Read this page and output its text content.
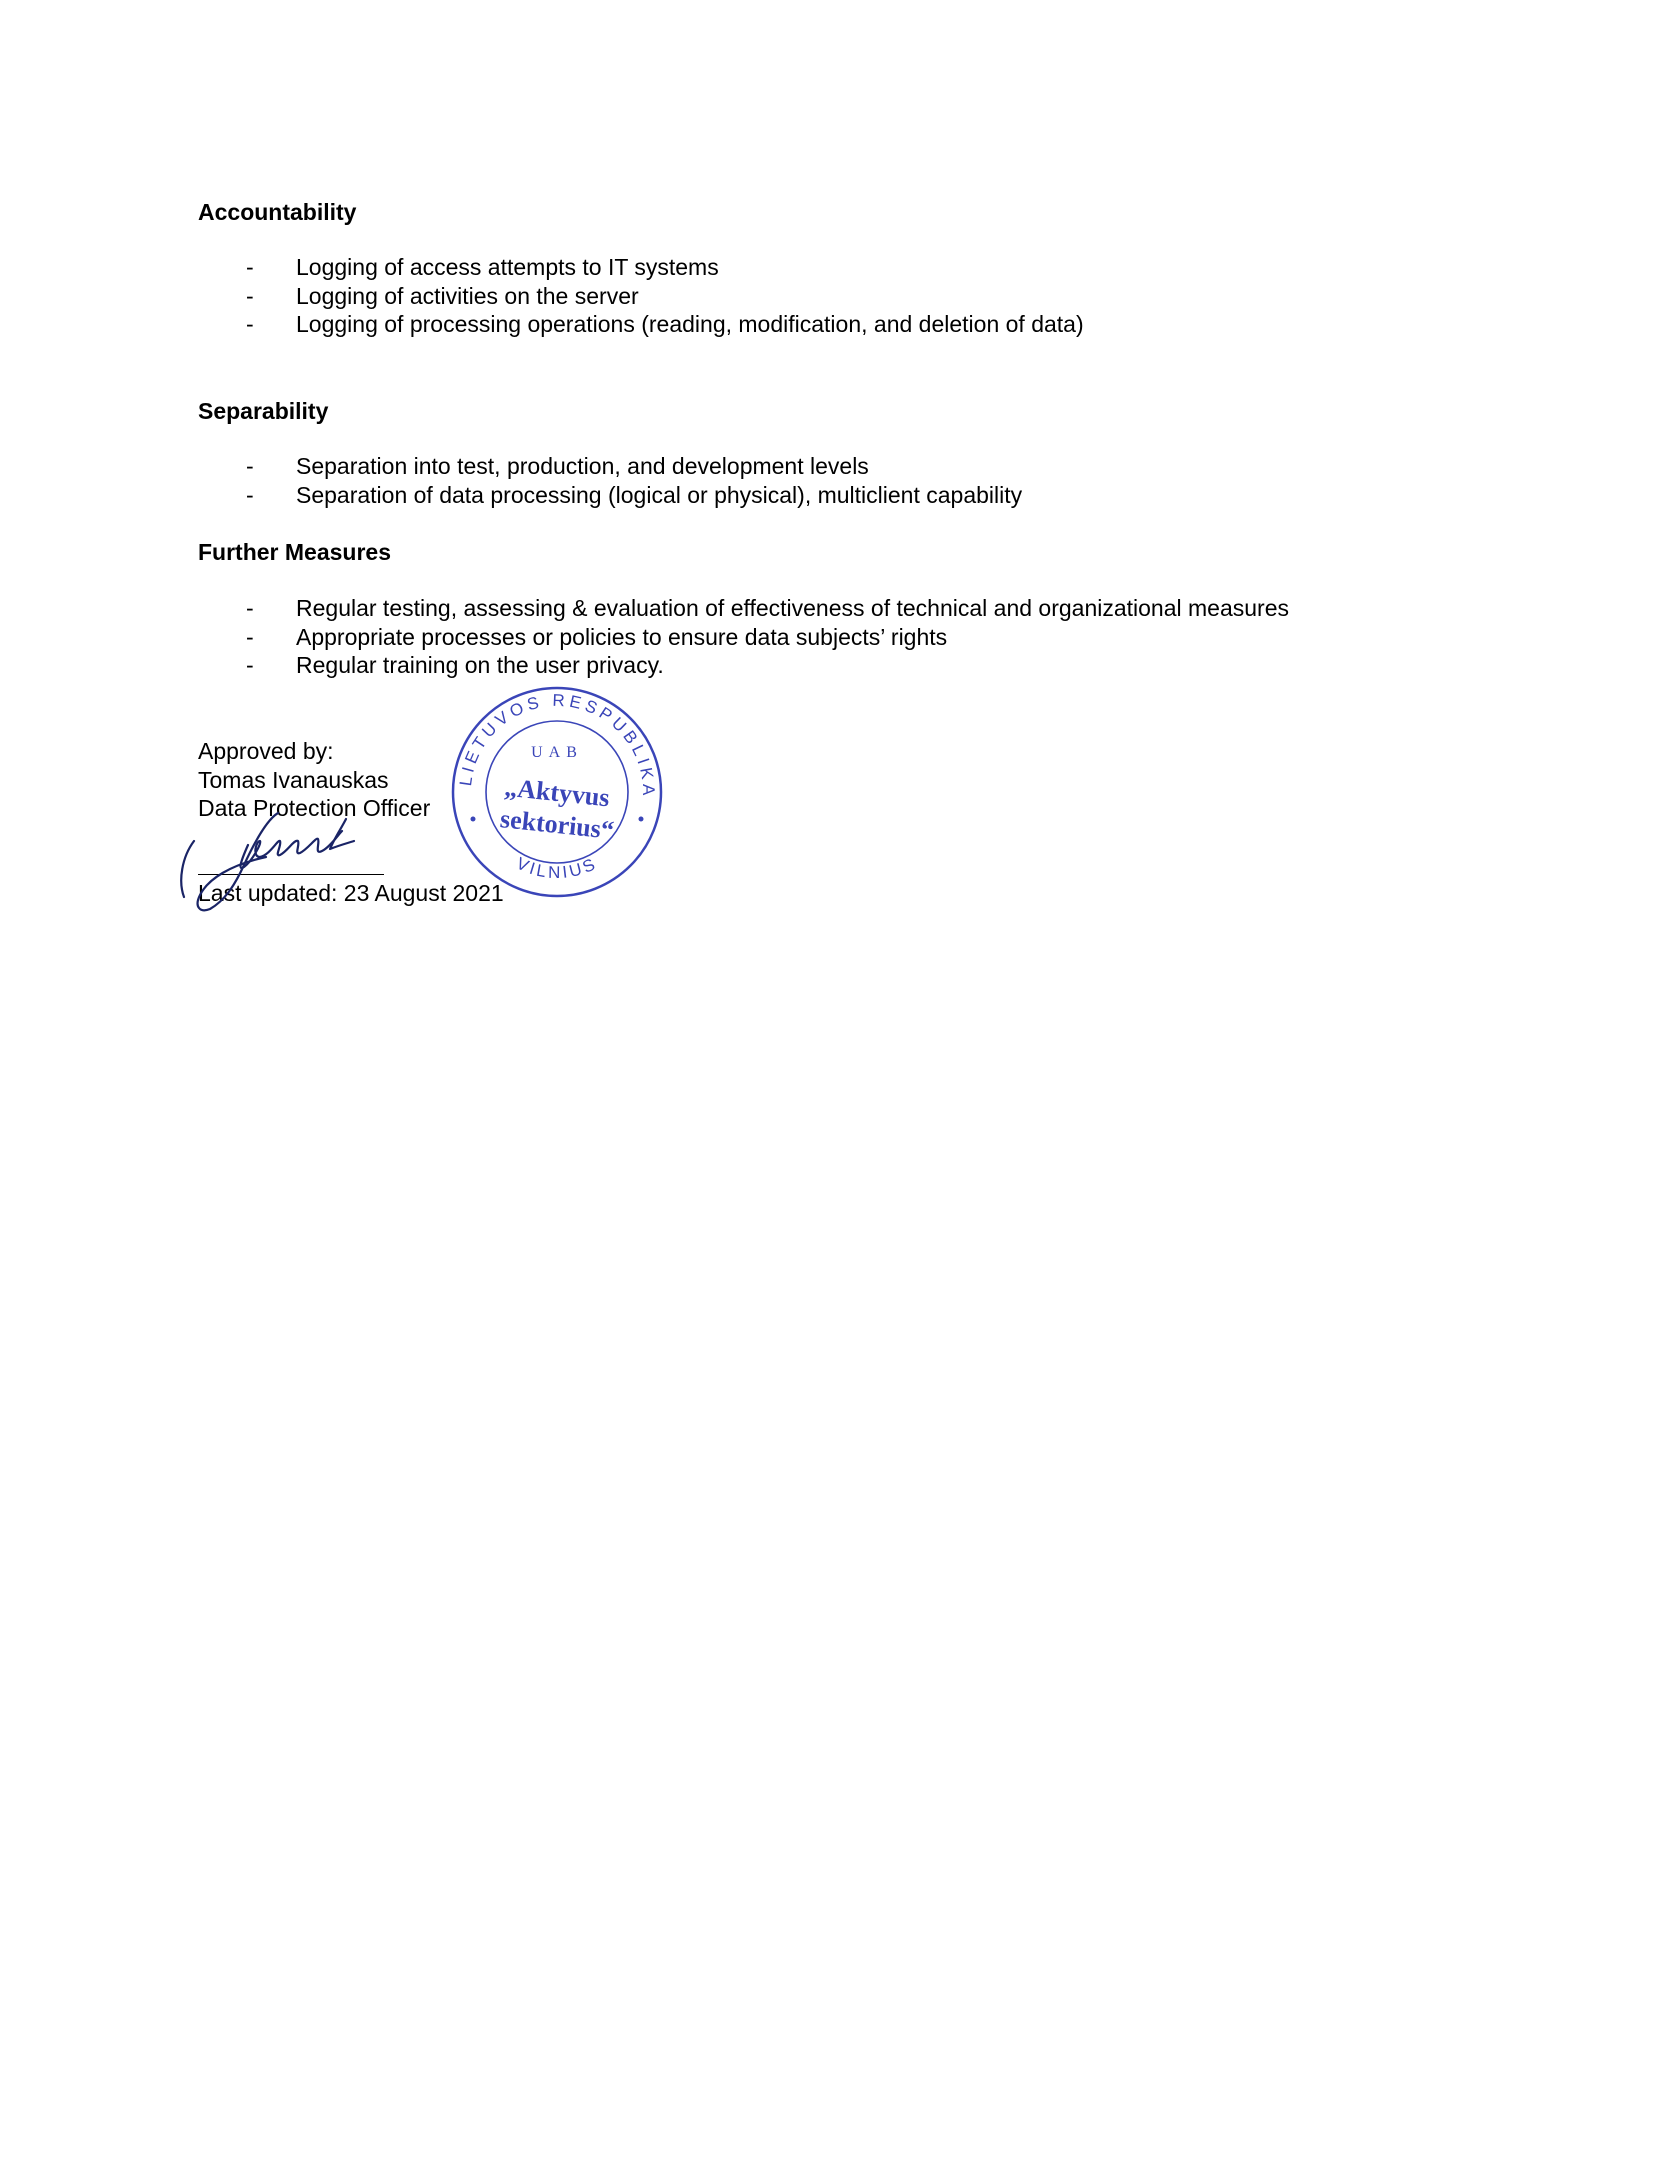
Accountability
- Logging of access attempts to IT systems
- Logging of activities on the server
- Logging of processing operations (reading, modification, and deletion of data)
Separability
- Separation into test, production, and development levels
- Separation of data processing (logical or physical), multiclient capability
Further Measures
- Regular testing, assessing & evaluation of effectiveness of technical and organizational measures
- Appropriate processes or policies to ensure data subjects’ rights
- Regular training on the user privacy.
Approved by:
Tomas Ivanauskas
Data Protection Officer
Last updated: 23 August 2021
LIETUVOS RESPUBLIKA
VILNIUS
UAB
„Aktyvus
sektorius“
